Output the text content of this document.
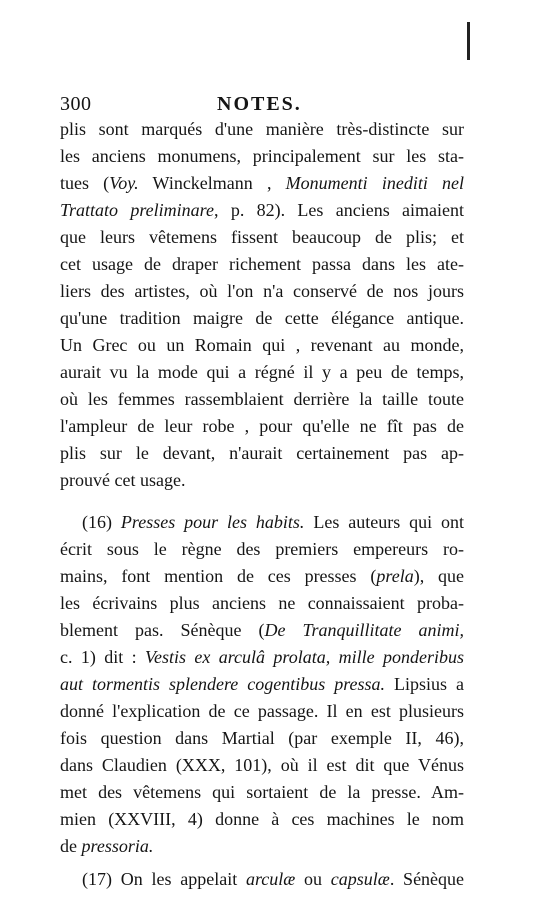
300	NOTES.
plis sont marqués d'une manière très-distincte sur
les anciens monumens, principalement sur les sta-
tues (Voy. Winckelmann , Monumenti inediti nel
Trattato preliminare, p. 82). Les anciens aimaient
que leurs vêtemens fissent beaucoup de plis; et
cet usage de draper richement passa dans les ate-
liers des artistes, où l'on n'a conservé de nos jours
qu'une tradition maigre de cette élégance antique.
Un Grec ou un Romain qui , revenant au monde,
aurait vu la mode qui a régné il y a peu de temps,
où les femmes rassemblaient derrière la taille toute
l'ampleur de leur robe , pour qu'elle ne fît pas de
plis sur le devant, n'aurait certainement pas ap-
prouvé cet usage.
(16) Presses pour les habits. Les auteurs qui ont
écrit sous le règne des premiers empereurs ro-
mains, font mention de ces presses (prela), que
les écrivains plus anciens ne connaissaient proba-
blement pas. Sénèque (De Tranquillitate animi,
c. 1) dit : Vestis ex arculâ prolata, mille ponderibus
aut tormentis splendere cogentibus pressa. Lipsius a
donné l'explication de ce passage. Il en est plusieurs
fois question dans Martial (par exemple II, 46),
dans Claudien (XXX, 101), où il est dit que Vénus
met des vêtemens qui sortaient de la presse. Am-
mien (XXVIII, 4) donne à ces machines le nom
de pressoria.
(17) On les appelait arculæ ou capsulæ. Sénèque
